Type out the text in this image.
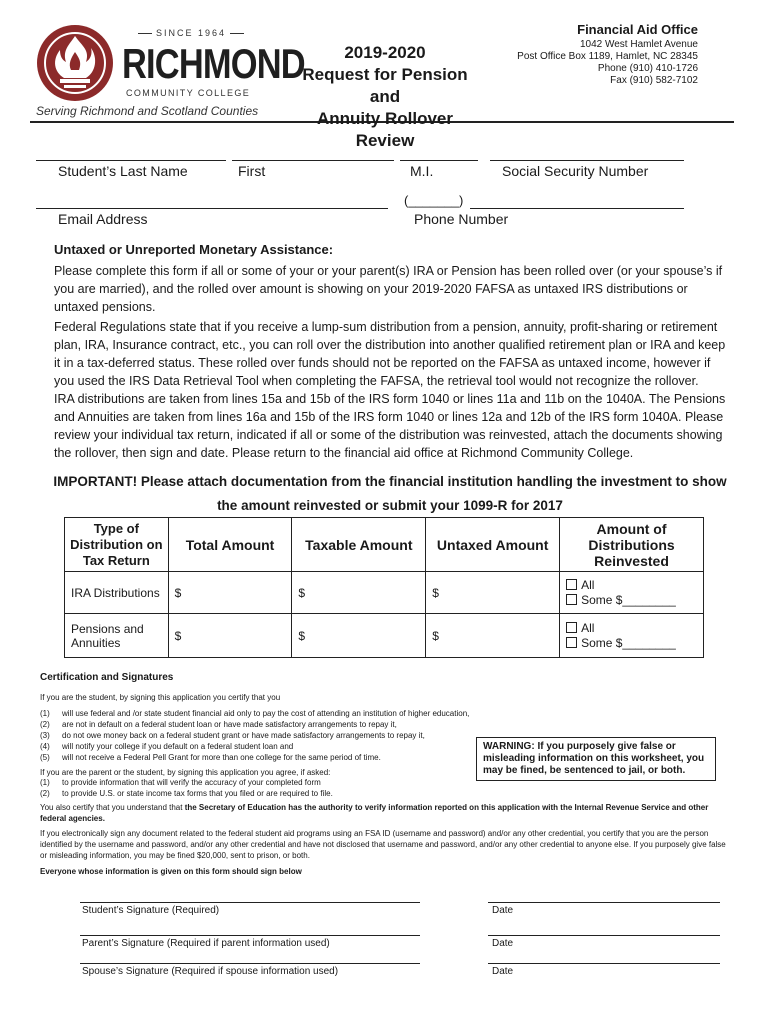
SINCE 1964
RICHMOND
COMMUNITY COLLEGE
Serving Richmond and Scotland Counties
2019-2020
Request for Pension and
Annuity Rollover Review
Financial Aid Office
1042 West Hamlet Avenue
Post Office Box 1189, Hamlet, NC 28345
Phone (910) 410-1726
Fax (910) 582-7102
Student’s Last Name	First	M.I.	Social Security Number
(_______)
Email Address	Phone Number
Untaxed or Unreported Monetary Assistance:
Please complete this form if all or some of your or your parent(s) IRA or Pension has been rolled over (or your spouse’s if you are married), and the rolled over amount is showing on your 2019-2020 FAFSA as untaxed IRS distributions or untaxed pensions.
Federal Regulations state that if you receive a lump-sum distribution from a pension, annuity, profit-sharing or retirement plan, IRA, Insurance contract, etc., you can roll over the distribution into another qualified retirement plan or IRA and keep it in a tax-deferred status. These rolled over funds should not be reported on the FAFSA as untaxed income, however if you used the IRS Data Retrieval Tool when completing the FAFSA, the retrieval tool would not recognize the rollover.
IRA distributions are taken from lines 15a and 15b of the IRS form 1040 or lines 11a and 11b on the 1040A. The Pensions and Annuities are taken from lines 16a and 15b of the IRS form 1040 or lines 12a and 12b of the IRS form 1040A. Please review your individual tax return, indicated if all or some of the distribution was reinvested, attach the documents showing the rollover, then sign and date. Please return to the financial aid office at Richmond Community College.
IMPORTANT! Please attach documentation from the financial institution handling the investment to show
the amount reinvested or submit your 1099-R for 2017
Type of Distribution on Tax Return	Total Amount	Taxable Amount	Untaxed Amount	Amount of Distributions Reinvested
IRA Distributions	$	$	$	All
Some $________

Pensions and Annuities	$	$	$	All
Some $________
Certification and Signatures
If you are the student, by signing this application you certify that you
(1) will use federal and /or state student financial aid only to pay the cost of attending an institution of higher education,
(2) are not in default on a federal student loan or have made satisfactory arrangements to repay it,
(3) do not owe money back on a federal student grant or have made satisfactory arrangements to repay it,
(4) will notify your college if you default on a federal student loan and
(5) will not receive a Federal Pell Grant for more than one college for the same period of time.
If you are the parent or the student, by signing this application you agree, if asked:
(1) to provide information that will verify the accuracy of your completed form
(2) to provide U.S. or state income tax forms that you filed or are required to file.
WARNING: If you purposely give false or misleading information on this worksheet, you may be fined, be sentenced to jail, or both.
You also certify that you understand that the Secretary of Education has the authority to verify information reported on this application with the Internal Revenue Service and other federal agencies.
If you electronically sign any document related to the federal student aid programs using an FSA ID (username and password) and/or any other credential, you certify that you are the person identified by the username and password, and/or any other credential and have not disclosed that username and password, and/or any other credential to anyone else. If you purposely give false or misleading information, you may be fined $20,000, sent to prison, or both.
Everyone whose information is given on this form should sign below
Student’s Signature (Required)	Date
Parent’s Signature (Required if parent information used)	Date
Spouse’s Signature (Required if spouse information used)	Date
